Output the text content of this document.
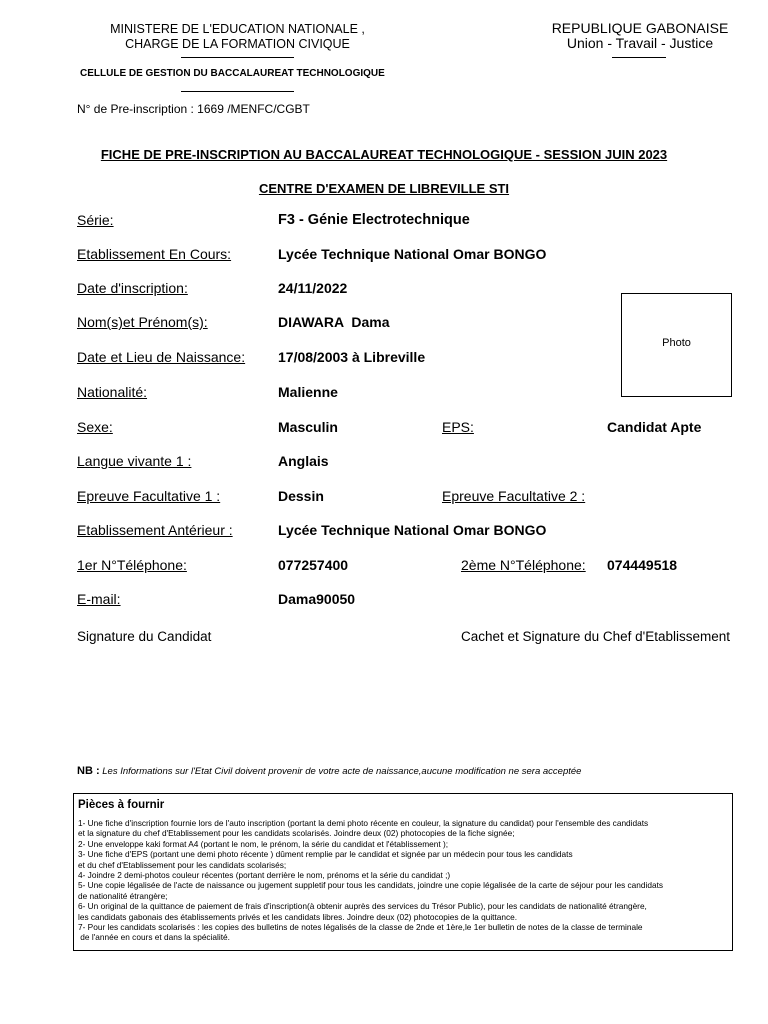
MINISTERE DE L'EDUCATION NATIONALE ,
CHARGE DE LA FORMATION CIVIQUE
CELLULE DE GESTION DU BACCALAUREAT TECHNOLOGIQUE
REPUBLIQUE GABONAISE
Union - Travail - Justice
N° de Pre-inscription : 1669 /MENFC/CGBT
FICHE DE PRE-INSCRIPTION AU BACCALAUREAT TECHNOLOGIQUE - SESSION JUIN 2023
CENTRE D'EXAMEN DE LIBREVILLE STI
Série:	F3 - Génie Electrotechnique
Etablissement En Cours:	Lycée Technique National Omar BONGO
Date d'inscription:	24/11/2022
Nom(s)et Prénom(s):	DIAWARA  Dama
Date et Lieu de Naissance: 17/08/2003 à Libreville
Nationalité:	Malienne
Sexe:	Masculin	EPS:	Candidat Apte
Langue vivante 1 :	Anglais
Epreuve Facultative 1 :	Dessin	Epreuve Facultative 2 :
Etablissement Antérieur :	Lycée Technique National Omar BONGO
1er N°Téléphone:	077257400	2ème N°Téléphone: 074449518
E-mail:	Dama90050
Photo
Signature du Candidat	Cachet et Signature du Chef d'Etablissement
NB : Les Informations sur l'Etat Civil doivent provenir de votre acte de naissance,aucune modification ne sera acceptée
Pièces à fournir
1- Une fiche d'inscription fournie lors de l'auto inscription (portant la demi photo récente en couleur, la signature du candidat) pour l'ensemble des candidats
et la signature du chef d'Etablissement pour les candidats scolarisés. Joindre deux (02) photocopies de la fiche signée;
2- Une enveloppe kaki format A4 (portant le nom, le prénom, la série du candidat et l'établissement );
3- Une fiche d'EPS (portant une demi photo récente ) dûment remplie par le candidat et signée par un médecin pour tous les candidats
et du chef d'Etablissement pour les candidats scolarisés;
4- Joindre 2 demi-photos couleur récentes (portant derrière le nom, prénoms et la série du candidat ;)
5- Une copie légalisée de l'acte de naissance ou jugement suppletif pour tous les candidats, joindre une copie légalisée de la carte de séjour pour les candidats
de nationalité étrangère;
6- Un original de la quittance de paiement de frais d'inscription(à obtenir auprès des services du Trésor Public), pour les candidats de nationalité étrangère,
les candidats gabonais des établissements privés et les candidats libres. Joindre deux (02) photocopies de la quittance.
7- Pour les candidats scolarisés : les copies des bulletins de notes légalisés de la classe de 2nde et 1ère,le 1er bulletin de notes de la classe de terminale
de l'année en cours et dans la spécialité.
